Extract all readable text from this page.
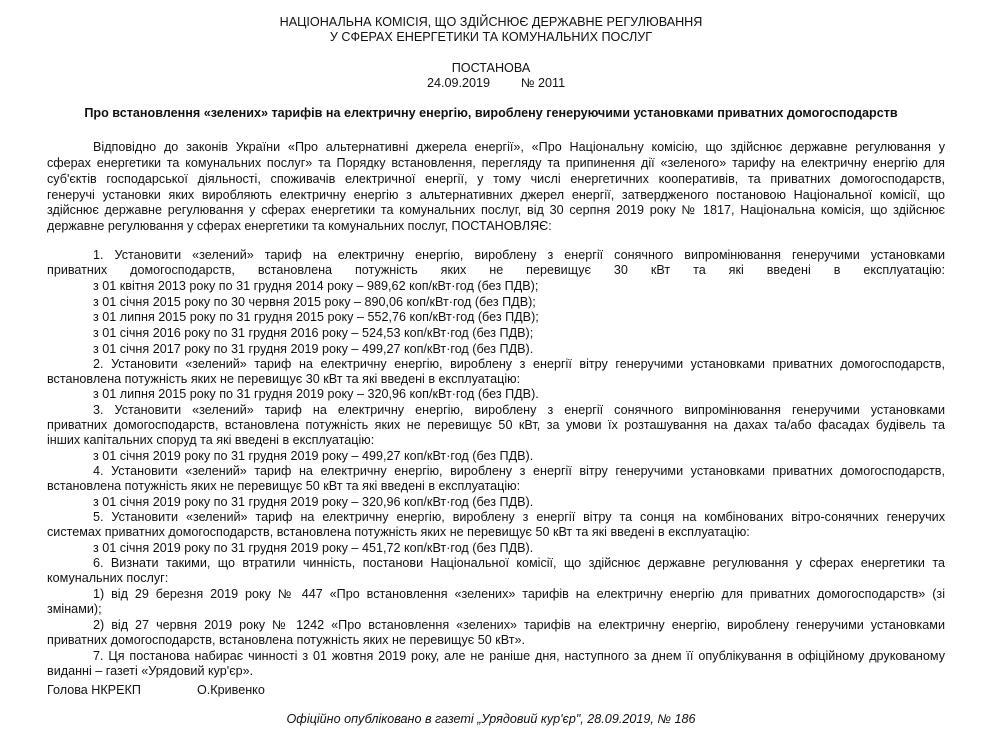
НАЦІОНАЛЬНА КОМІСІЯ, ЩО ЗДІЙСНЮЄ ДЕРЖАВНЕ РЕГУЛЮВАННЯ
У СФЕРАХ ЕНЕРГЕТИКИ ТА КОМУНАЛЬНИХ ПОСЛУГ
ПОСТАНОВА
24.09.2019 № 2011
Про встановлення «зелених» тарифів на електричну енергію, вироблену генеруючими установками приватних домогосподарств
Відповідно до законів України «Про альтернативні джерела енергії», «Про Національну комісію, що здійснює державне регулювання у
сферах енергетики та комунальних послуг» та Порядку встановлення, перегляду та припинення дії «зеленого» тарифу на електричну енергію для
суб'єктів господарської діяльності, споживачів електричної енергії, у тому числі енергетичних кооперативів, та приватних домогосподарств,
генеручі установки яких виробляють електричну енергію з альтернативних джерел енергії, затвердженого постановою Національної комісії, що
здійснює державне регулювання у сферах енергетики та комунальних послуг, від 30 серпня 2019 року № 1817, Національна комісія, що здійснює
державне регулювання у сферах енергетики та комунальних послуг, ПОСТАНОВЛЯЄ:
1. Установити «зелений» тариф на електричну енергію, вироблену з енергії сонячного випромінювання генеручими установками
приватних домогосподарств, встановлена потужність яких не перевищує 30 кВт та які введені в експлуатацію:
з 01 квітня 2013 року по 31 грудня 2014 року – 989,62 коп/кВт·год (без ПДВ);
з 01 січня 2015 року по 30 червня 2015 року – 890,06 коп/кВт·год (без ПДВ);
з 01 липня 2015 року по 31 грудня 2015 року – 552,76 коп/кВт·год (без ПДВ);
з 01 січня 2016 року по 31 грудня 2016 року – 524,53 коп/кВт·год (без ПДВ);
з 01 січня 2017 року по 31 грудня 2019 року – 499,27 коп/кВт·год (без ПДВ).
2. Установити «зелений» тариф на електричну енергію, вироблену з енергії вітру генеручими установками приватних домогосподарств,
встановлена потужність яких не перевищує 30 кВт та які введені в експлуатацію:
з 01 липня 2015 року по 31 грудня 2019 року – 320,96 коп/кВт·год (без ПДВ).
3. Установити «зелений» тариф на електричну енергію, вироблену з енергії сонячного випромінювання генеручими установками
приватних домогосподарств, встановлена потужність яких не перевищує 50 кВт, за умови їх розташування на дахах та/або фасадах будівель та
інших капітальних споруд та які введені в експлуатацію:
з 01 січня 2019 року по 31 грудня 2019 року – 499,27 коп/кВт·год (без ПДВ).
4. Установити «зелений» тариф на електричну енергію, вироблену з енергії вітру генеручими установками приватних домогосподарств,
встановлена потужність яких не перевищує 50 кВт та які введені в експлуатацію:
з 01 січня 2019 року по 31 грудня 2019 року – 320,96 коп/кВт·год (без ПДВ).
5. Установити «зелений» тариф на електричну енергію, вироблену з енергії вітру та сонця на комбінованих вітро-сонячних генеручих
системах приватних домогосподарств, встановлена потужність яких не перевищує 50 кВт та які введені в експлуатацію:
з 01 січня 2019 року по 31 грудня 2019 року – 451,72 коп/кВт·год (без ПДВ).
6. Визнати такими, що втратили чинність, постанови Національної комісії, що здійснює державне регулювання у сферах енергетики та
комунальних послуг:
1) від 29 березня 2019 року № 447 «Про встановлення «зелених» тарифів на електричну енергію для приватних домогосподарств» (зі
змінами);
2) від 27 червня 2019 року № 1242 «Про встановлення «зелених» тарифів на електричну енергію, вироблену генеручими установками
приватних домогосподарств, встановлена потужність яких не перевищує 50 кВт».
7. Ця постанова набирає чинності з 01 жовтня 2019 року, але не раніше дня, наступного за днем її опублікування в офіційному друкованому
виданні – газеті «Урядовий кур'єр».
Голова НКРЕКП	О.Кривенко
Офіційно опубліковано в газеті „Урядовий кур'єр", 28.09.2019, № 186
